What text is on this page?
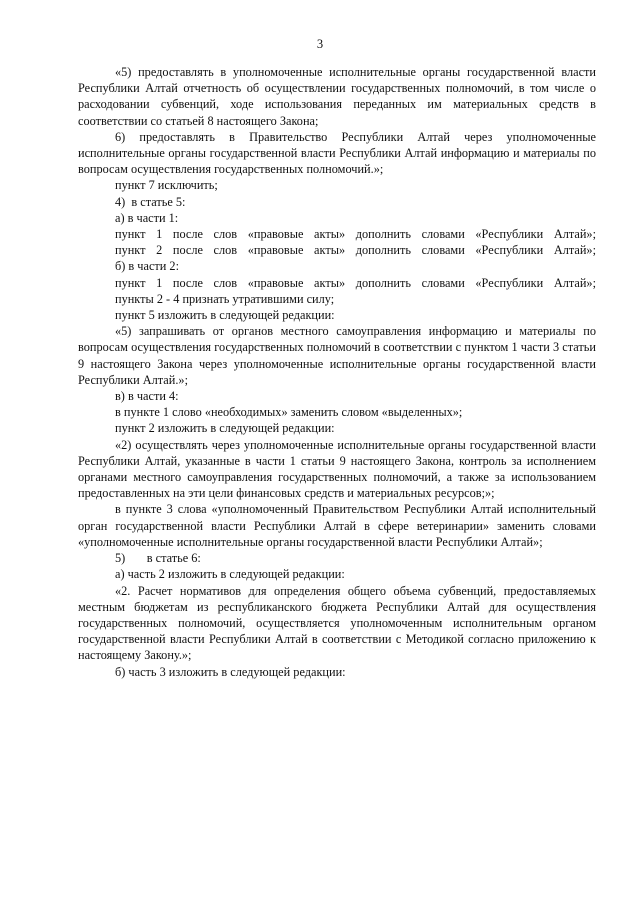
3

«5) предоставлять в уполномоченные исполнительные органы государственной власти Республики Алтай отчетность об осуществлении государственных полномочий, в том числе о расходовании субвенций, ходе использования переданных им материальных средств в соответствии со статьей 8 настоящего Закона;

6) предоставлять в Правительство Республики Алтай через уполномоченные исполнительные органы государственной власти Республики Алтай информацию и материалы по вопросам осуществления государственных полномочий.»;

пункт 7 исключить;

4)  в статье 5:

а) в части 1:

пункт 1 после слов «правовые акты» дополнить словами «Республики Алтай»;

пункт 2 после слов «правовые акты» дополнить словами «Республики Алтай»;

б) в части 2:

пункт 1 после слов «правовые акты» дополнить словами «Республики Алтай»;

пункты 2 - 4 признать утратившими силу;

пункт 5 изложить в следующей редакции:

«5) запрашивать от органов местного самоуправления информацию и материалы по вопросам осуществления государственных полномочий в соответствии с пунктом 1 части 3 статьи 9 настоящего Закона через уполномоченные исполнительные органы государственной власти Республики Алтай.»;

в) в части 4:

в пункте 1 слово «необходимых» заменить словом «выделенных»;

пункт 2 изложить в следующей редакции:

«2) осуществлять через уполномоченные исполнительные органы государственной власти Республики Алтай, указанные в части 1 статьи 9 настоящего Закона, контроль за исполнением органами местного самоуправления государственных полномочий, а также за использованием предоставленных на эти цели финансовых средств и материальных ресурсов;»;

в пункте 3 слова «уполномоченный Правительством Республики Алтай исполнительный орган государственной власти Республики Алтай в сфере ветеринарии» заменить словами «уполномоченные исполнительные органы государственной власти Республики Алтай»;

5)       в статье 6:

а) часть 2 изложить в следующей редакции:

«2. Расчет нормативов для определения общего объема субвенций, предоставляемых местным бюджетам из республиканского бюджета Республики Алтай для осуществления государственных полномочий, осуществляется уполномоченным исполнительным органом государственной власти Республики Алтай в соответствии с Методикой согласно приложению к настоящему Закону.»;

б) часть 3 изложить в следующей редакции:
